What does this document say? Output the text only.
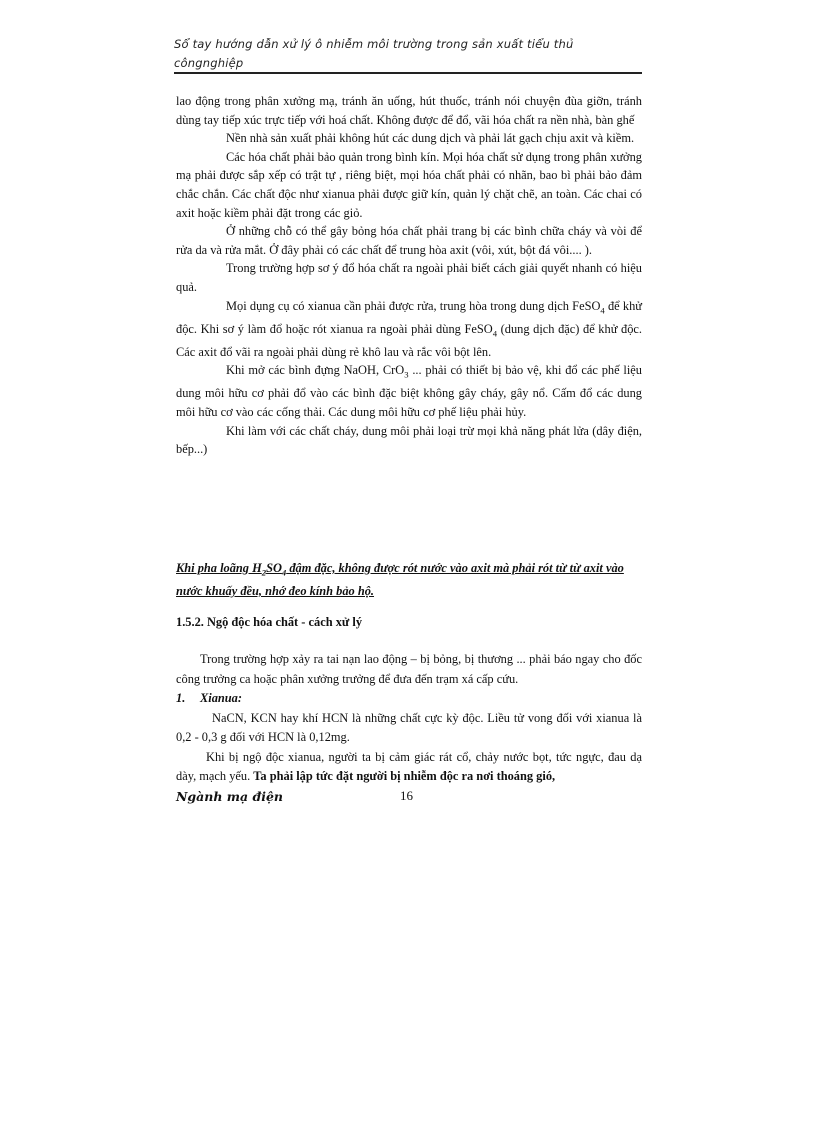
Sổ tay hướng dẫn xử lý ô nhiễm môi trường trong sản xuất tiểu thủ
côngnghiệp

lao động trong phân xưởng mạ, tránh ăn uống, hút thuốc, tránh nói chuyện đùa giỡn, tránh dùng tay tiếp xúc trực tiếp với hoá chất. Không được để đổ, vãi hóa chất ra nền nhà, bàn ghế

Nền nhà sản xuất phải không hút các dung dịch và phải lát gạch chịu axit và kiềm.

Các hóa chất phải bảo quản trong bình kín. Mọi hóa chất sử dụng trong phân xưởng mạ phải được sắp xếp có trật tự , riêng biệt, mọi hóa chất phải có nhãn, bao bì phải bảo đảm chắc chắn. Các chất độc như xianua phải được giữ kín, quản lý chặt chẽ, an toàn. Các chai có axit hoặc kiềm phải đặt trong các giỏ.

Ở những chỗ có thể gây bỏng hóa chất phải trang bị các bình chữa cháy và vòi để rửa da và rửa mắt. Ở đây phải có các chất để trung hòa axit (vôi, xút, bột đá vôi.... ).

Trong trường hợp sơ ý đổ hóa chất ra ngoài phải biết cách giải quyết nhanh có hiệu quả.

Mọi dụng cụ có xianua cần phải được rửa, trung hòa trong dung dịch FeSO$_4$ để khử độc. Khi sơ ý làm đổ hoặc rót xianua ra ngoài phải dùng FeSO$_4$ (dung dịch đặc) để khử độc. Các axit đổ vãi ra ngoài phải dùng rẻ khô lau và rắc vôi bột lên.

Khi mở các bình đựng NaOH, CrO$_3$ ... phải có thiết bị bảo vệ, khi đổ các phế liệu dung môi hữu cơ phải đổ vào các bình đặc biệt không gây cháy, gây nổ. Cấm đổ các dung môi hữu cơ vào các cống thải. Các dung môi hữu cơ phế liệu phải hủy.

Khi làm với các chất cháy, dung môi phải loại trừ mọi khả năng phát lửa (dây điện, bếp...)

Khi pha loãng $H_2SO_4$ đậm đặc, không được rót nước vào axit mà phải rót từ từ axit vào nước khuấy đều, nhớ đeo kính bảo hộ.
1.5.2. Ngộ độc hóa chất - cách xử lý

Trong trường hợp xảy ra tai nạn lao động – bị bỏng, bị thương ... phải báo ngay cho đốc công trưởng ca hoặc phân xưởng trưởng để đưa đến trạm xá cấp cứu.

1. Xianua:

NaCN, KCN hay khí HCN là những chất cực kỳ độc. Liều tử vong đối với xianua là 0,2 - 0,3 g đối với HCN là 0,12mg.

Khi bị ngộ độc xianua, người ta bị cảm giác rát cổ, chảy nước bọt, tức ngực, đau dạ dày, mạch yếu. Ta phải lập tức đặt người bị nhiễm độc ra nơi thoáng gió,

Ngành mạ điện	16
